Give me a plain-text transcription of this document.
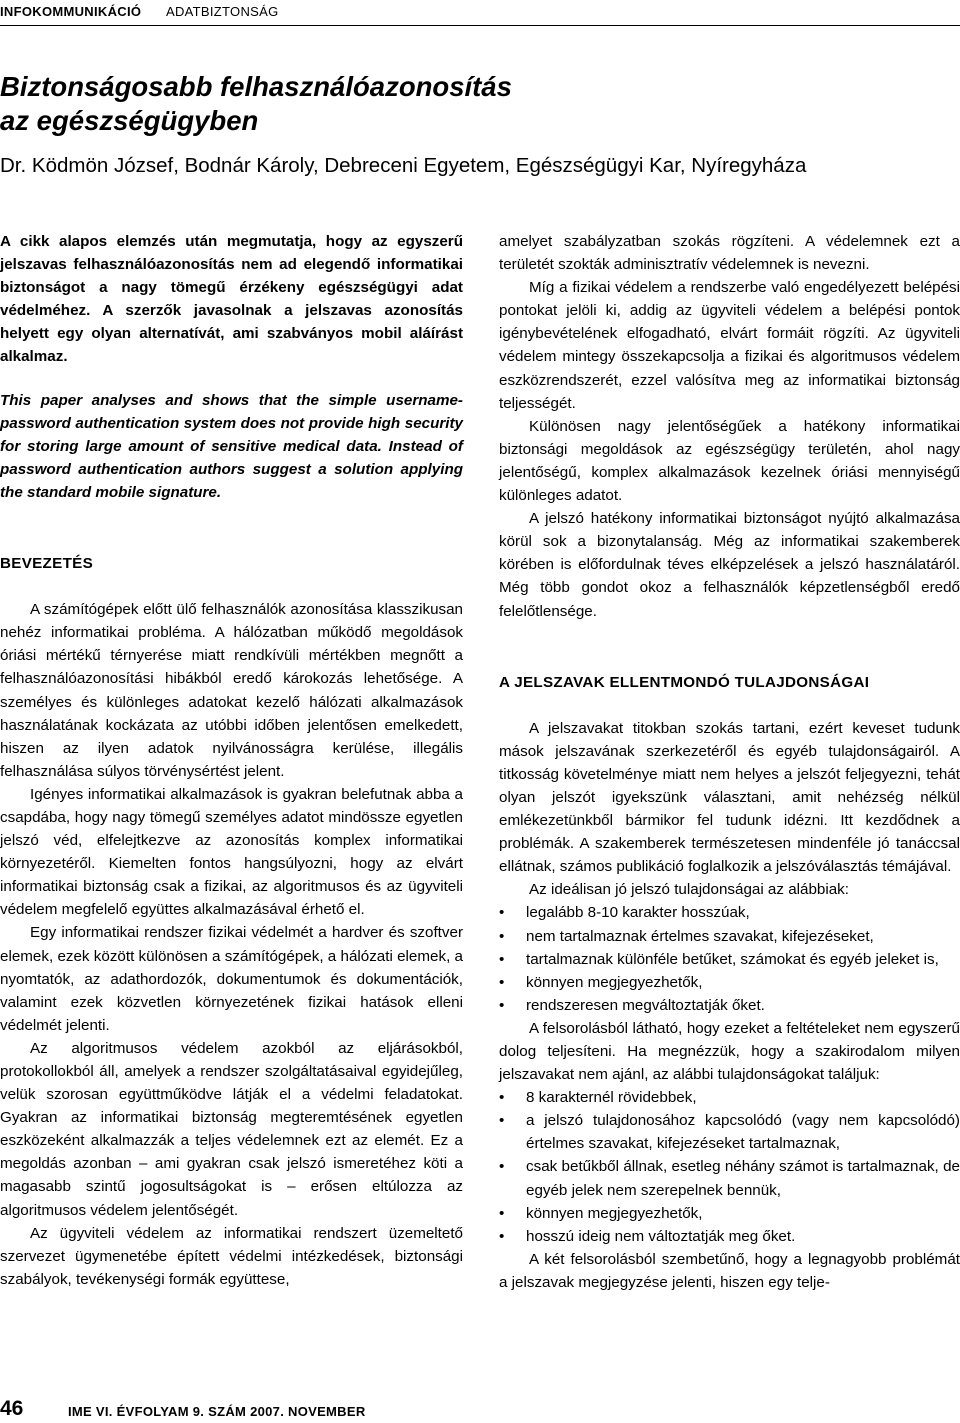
INFOKOMMUNIKÁCIÓ ADATBIZTONSÁG
Biztonságosabb felhasználóazonosítás
az egészségügyben

Dr. Ködmön József, Bodnár Károly, Debreceni Egyetem, Egészségügyi Kar, Nyíregyháza

A cikk alapos elemzés után megmutatja, hogy az egyszerű jelszavas felhasználóazonosítás nem ad elegendő informatikai biztonságot a nagy tömegű érzékeny egészségügyi adat védelméhez. A szerzők javasolnak a jelszavas azonosítás helyett egy olyan alternatívát, ami szabványos mobil aláírást alkalmaz.

This paper analyses and shows that the simple username-password authentication system does not provide high security for storing large amount of sensitive medical data. Instead of password authentication authors suggest a solution applying the standard mobile signature.

BEVEZETÉS

A számítógépek előtt ülő felhasználók azonosítása klasszikusan nehéz informatikai probléma. A hálózatban működő megoldások óriási mértékű térnyerése miatt rendkívüli mértékben megnőtt a felhasználóazonosítási hibákból eredő károkozás lehetősége. A személyes és különleges adatokat kezelő hálózati alkalmazások használatának kockázata az utóbbi időben jelentősen emelkedett, hiszen az ilyen adatok nyilvánosságra kerülése, illegális felhasználása súlyos törvénysértést jelent.

Igényes informatikai alkalmazások is gyakran belefutnak abba a csapdába, hogy nagy tömegű személyes adatot mindössze egyetlen jelszó véd, elfelejtkezve az azonosítás komplex informatikai környezetéről. Kiemelten fontos hangsúlyozni, hogy az elvárt informatikai biztonság csak a fizikai, az algoritmusos és az ügyviteli védelem megfelelő együttes alkalmazásával érhető el.

Egy informatikai rendszer fizikai védelmét a hardver és szoftver elemek, ezek között különösen a számítógépek, a hálózati elemek, a nyomtatók, az adathordozók, dokumentumok és dokumentációk, valamint ezek közvetlen környezetének fizikai hatások elleni védelmét jelenti.

Az algoritmusos védelem azokból az eljárásokból, protokollokból áll, amelyek a rendszer szolgáltatásaival egyidejűleg, velük szorosan együttműködve látják el a védelmi feladatokat. Gyakran az informatikai biztonság megteremtésének egyetlen eszközeként alkalmazzák a teljes védelemnek ezt az elemét. Ez a megoldás azonban – ami gyakran csak jelszó ismeretéhez köti a magasabb szintű jogosultságokat is – erősen eltúlozza az algoritmusos védelem jelentőségét.

Az ügyviteli védelem az informatikai rendszert üzemeltető szervezet ügymenetébe épített védelmi intézkedések, biztonsági szabályok, tevékenységi formák együttese,

amelyet szabályzatban szokás rögzíteni. A védelemnek ezt a területét szokták adminisztratív védelemnek is nevezni.

Míg a fizikai védelem a rendszerbe való engedélyezett belépési pontokat jelöli ki, addig az ügyviteli védelem a belépési pontok igénybevételének elfogadható, elvárt formáit rögzíti. Az ügyviteli védelem mintegy összekapcsolja a fizikai és algoritmusos védelem eszközrendszerét, ezzel valósítva meg az informatikai biztonság teljességét.

Különösen nagy jelentőségűek a hatékony informatikai biztonsági megoldások az egészségügy területén, ahol nagy jelentőségű, komplex alkalmazások kezelnek óriási mennyiségű különleges adatot.

A jelszó hatékony informatikai biztonságot nyújtó alkalmazása körül sok a bizonytalanság. Még az informatikai szakemberek körében is előfordulnak téves elképzelések a jelszó használatáról. Még több gondot okoz a felhasználók képzetlenségből eredő felelőtlensége.

A JELSZAVAK ELLENTMONDÓ TULAJDONSÁGAI

A jelszavakat titokban szokás tartani, ezért keveset tudunk mások jelszavának szerkezetéről és egyéb tulajdonságairól. A titkosság követelménye miatt nem helyes a jelszót feljegyezni, tehát olyan jelszót igyekszünk választani, amit nehézség nélkül emlékezetünkből bármikor fel tudunk idézni. Itt kezdődnek a problémák. A szakemberek természetesen mindenféle jó tanáccsal ellátnak, számos publikáció foglalkozik a jelszóválasztás témájával.

Az ideálisan jó jelszó tulajdonságai az alábbiak:

• legalább 8-10 karakter hosszúak,
• nem tartalmaznak értelmes szavakat, kifejezéseket,
• tartalmaznak különféle betűket, számokat és egyéb jeleket is,
• könnyen megjegyezhetők,
• rendszeresen megváltoztatják őket.

A felsorolásból látható, hogy ezeket a feltételeket nem egyszerű dolog teljesíteni. Ha megnézzük, hogy a szakirodalom milyen jelszavakat nem ajánl, az alábbi tulajdonságokat találjuk:

• 8 karakternél rövidebbek,
• a jelszó tulajdonosához kapcsolódó (vagy nem kapcsolódó) értelmes szavakat, kifejezéseket tartalmaznak,
• csak betűkből állnak, esetleg néhány számot is tartalmaznak, de egyéb jelek nem szerepelnek bennük,
• könnyen megjegyezhetők,
• hosszú ideig nem változtatják meg őket.

A két felsorolásból szembetűnő, hogy a legnagyobb problémát a jelszavak megjegyzése jelenti, hiszen egy telje-

46	IME VI. ÉVFOLYAM 9. SZÁM 2007. NOVEMBER
